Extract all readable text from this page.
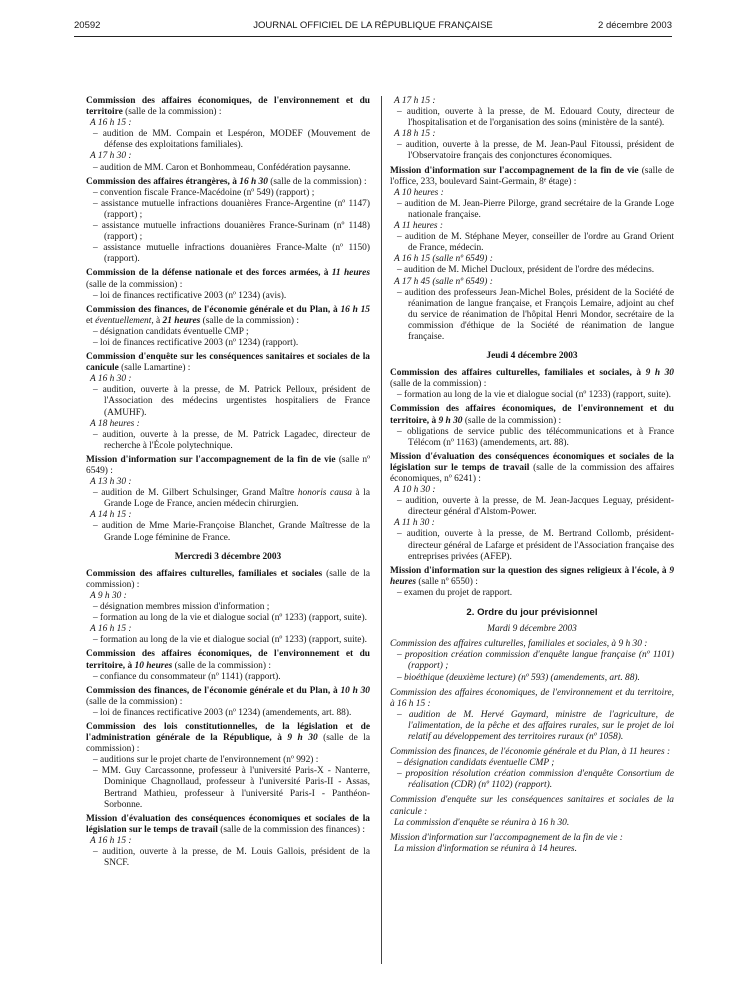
20592	JOURNAL OFFICIEL DE LA RÉPUBLIQUE FRANÇAISE	2 décembre 2003

Commission des affaires économiques, de l'environnement et du territoire (salle de la commission) :

A 16 h 15 :

– audition de MM. Compain et Lespéron, MODEF (Mouvement de défense des exploitations familiales).

A 17 h 30 :

– audition de MM. Caron et Bonhommeau, Confédération paysanne.

Commission des affaires étrangères, à 16 h 30 (salle de la commission) :

– convention fiscale France-Macédoine (nº 549) (rapport) ;

– assistance mutuelle infractions douanières France-Argentine (nº 1147) (rapport) ;

– assistance mutuelle infractions douanières France-Surinam (nº 1148) (rapport) ;

– assistance mutuelle infractions douanières France-Malte (nº 1150) (rapport).

Commission de la défense nationale et des forces armées, à 11 heures (salle de la commission) :

– loi de finances rectificative 2003 (nº 1234) (avis).

Commission des finances, de l'économie générale et du Plan, à 16 h 15 et éventuellement, à 21 heures (salle de la commission) :

– désignation candidats éventuelle CMP ;

– loi de finances rectificative 2003 (nº 1234) (rapport).

Commission d'enquête sur les conséquences sanitaires et sociales de la canicule (salle Lamartine) :

A 16 h 30 :

– audition, ouverte à la presse, de M. Patrick Pelloux, président de l'Association des médecins urgentistes hospitaliers de France (AMUHF).

A 18 heures :

– audition, ouverte à la presse, de M. Patrick Lagadec, directeur de recherche à l'École polytechnique.

Mission d'information sur l'accompagnement de la fin de vie (salle nº 6549) :

A 13 h 30 :

– audition de M. Gilbert Schulsinger, Grand Maître honoris causa à la Grande Loge de France, ancien médecin chirurgien.

A 14 h 15 :

– audition de Mme Marie-Françoise Blanchet, Grande Maîtresse de la Grande Loge féminine de France.

Mercredi 3 décembre 2003

Commission des affaires culturelles, familiales et sociales (salle de la commission) :

A 9 h 30 :

– désignation membres mission d'information ;

– formation au long de la vie et dialogue social (nº 1233) (rapport, suite).

A 16 h 15 :

– formation au long de la vie et dialogue social (nº 1233) (rapport, suite).

Commission des affaires économiques, de l'environnement et du territoire, à 10 heures (salle de la commission) :

– confiance du consommateur (nº 1141) (rapport).

Commission des finances, de l'économie générale et du Plan, à 10 h 30 (salle de la commission) :

– loi de finances rectificative 2003 (nº 1234) (amendements, art. 88).

Commission des lois constitutionnelles, de la législation et de l'administration générale de la République, à 9 h 30 (salle de la commission) :

– auditions sur le projet charte de l'environnement (nº 992) :

– MM. Guy Carcassonne, professeur à l'université Paris-X - Nanterre, Dominique Chagnollaud, professeur à l'université Paris-II - Assas, Bertrand Mathieu, professeur à l'université Paris-I - Panthéon-Sorbonne.

Mission d'évaluation des conséquences économiques et sociales de la législation sur le temps de travail (salle de la commission des finances) :

A 16 h 15 :

– audition, ouverte à la presse, de M. Louis Gallois, président de la SNCF.

A 17 h 15 :

– audition, ouverte à la presse, de M. Edouard Couty, directeur de l'hospitalisation et de l'organisation des soins (ministère de la santé).

A 18 h 15 :

– audition, ouverte à la presse, de M. Jean-Paul Fitoussi, président de l'Observatoire français des conjonctures économiques.

Mission d'information sur l'accompagnement de la fin de vie (salle de l'office, 233, boulevard Saint-Germain, 8ᵉ étage) :

A 10 heures :

– audition de M. Jean-Pierre Pilorge, grand secrétaire de la Grande Loge nationale française.

A 11 heures :

– audition de M. Stéphane Meyer, conseiller de l'ordre au Grand Orient de France, médecin.

A 16 h 15 (salle nº 6549) :

– audition de M. Michel Ducloux, président de l'ordre des médecins.

A 17 h 45 (salle nº 6549) :

– audition des professeurs Jean-Michel Boles, président de la Société de réanimation de langue française, et François Lemaire, adjoint au chef du service de réanimation de l'hôpital Henri Mondor, secrétaire de la commission d'éthique de la Société de réanimation de langue française.

Jeudi 4 décembre 2003

Commission des affaires culturelles, familiales et sociales, à 9 h 30 (salle de la commission) :

– formation au long de la vie et dialogue social (nº 1233) (rapport, suite).

Commission des affaires économiques, de l'environnement et du territoire, à 9 h 30 (salle de la commission) :

– obligations de service public des télécommunications et à France Télécom (nº 1163) (amendements, art. 88).

Mission d'évaluation des conséquences économiques et sociales de la législation sur le temps de travail (salle de la commission des affaires économiques, nº 6241) :

A 10 h 30 :

– audition, ouverte à la presse, de M. Jean-Jacques Leguay, président-directeur général d'Alstom-Power.

A 11 h 30 :

– audition, ouverte à la presse, de M. Bertrand Collomb, président-directeur général de Lafarge et président de l'Association française des entreprises privées (AFEP).

Mission d'information sur la question des signes religieux à l'école, à 9 heures (salle nº 6550) :

– examen du projet de rapport.

2. Ordre du jour prévisionnel

Mardi 9 décembre 2003

Commission des affaires culturelles, familiales et sociales, à 9 h 30 :

– proposition création commission d'enquête langue française (nº 1101) (rapport) ;

– bioéthique (deuxième lecture) (nº 593) (amendements, art. 88).

Commission des affaires économiques, de l'environnement et du territoire, à 16 h 15 :

– audition de M. Hervé Gaymard, ministre de l'agriculture, de l'alimentation, de la pêche et des affaires rurales, sur le projet de loi relatif au développement des territoires ruraux (nº 1058).

Commission des finances, de l'économie générale et du Plan, à 11 heures :

– désignation candidats éventuelle CMP ;

– proposition résolution création commission d'enquête Consortium de réalisation (CDR) (nº 1102) (rapport).

Commission d'enquête sur les conséquences sanitaires et sociales de la canicule :

La commission d'enquête se réunira à 16 h 30.

Mission d'information sur l'accompagnement de la fin de vie :

La mission d'information se réunira à 14 heures.
